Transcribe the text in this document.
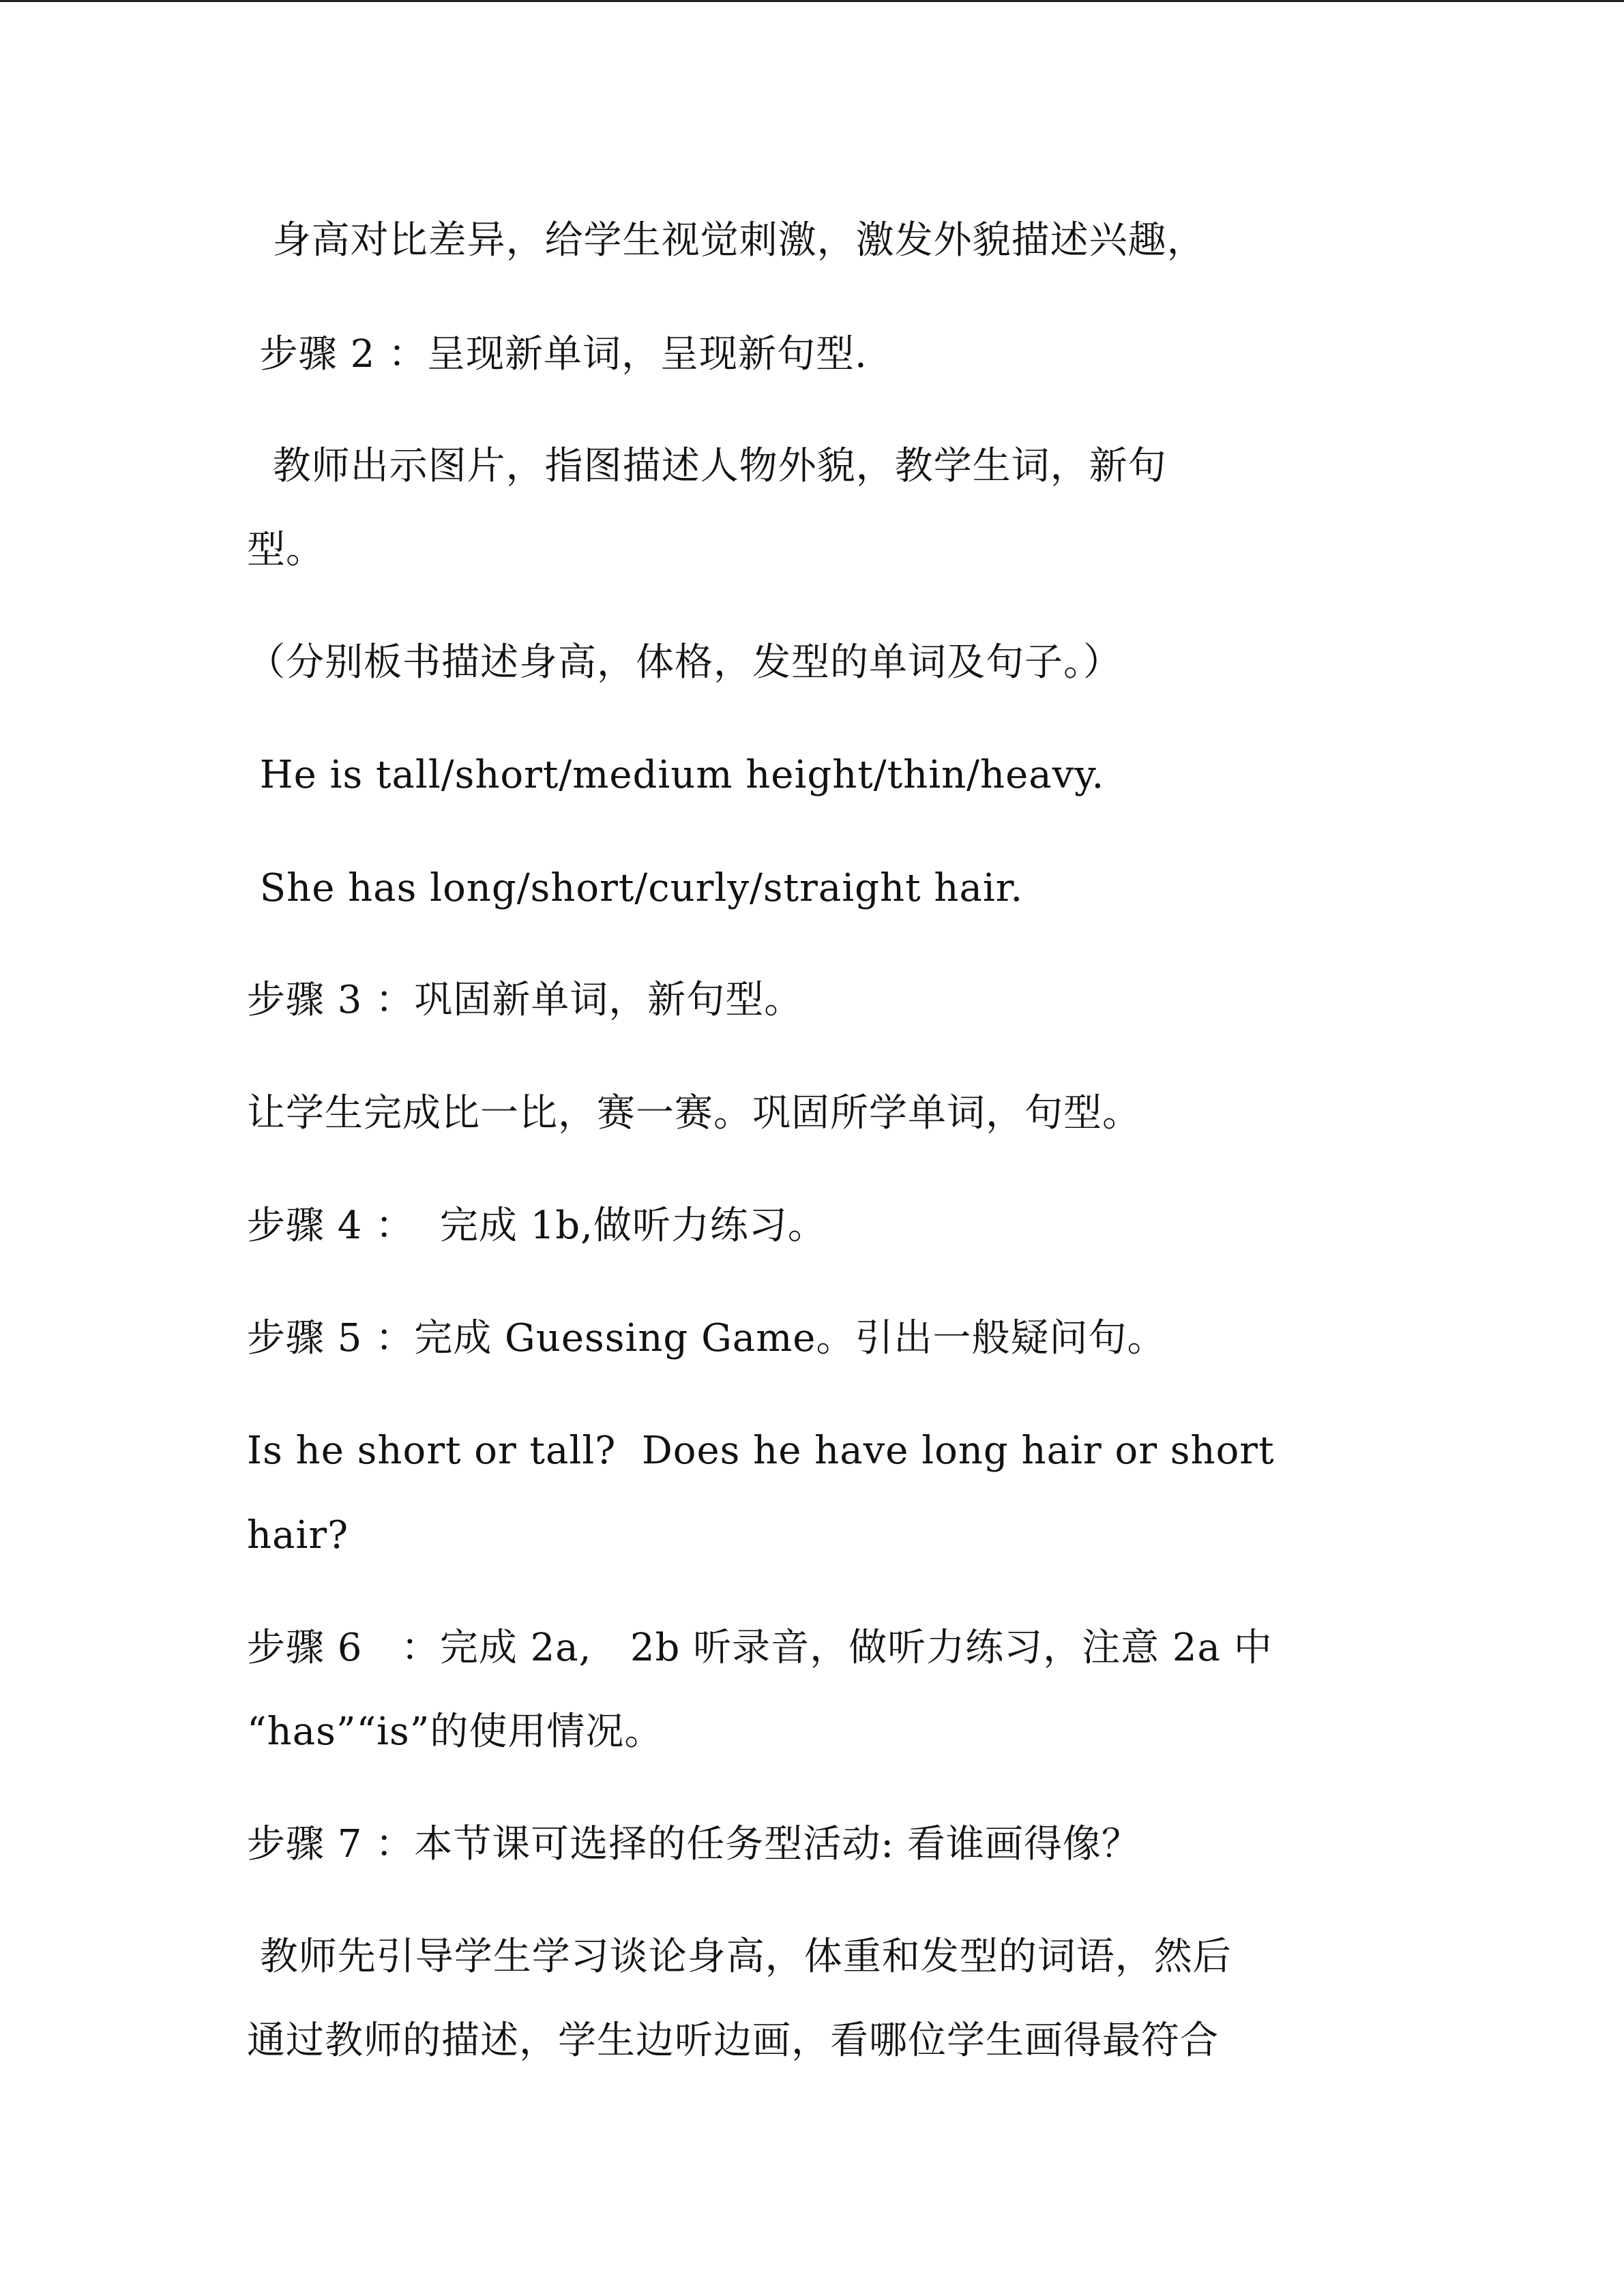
身高对比差异，给学生视觉刺激，激发外貌描述兴趣，
步骤 2 ：呈现新单词，呈现新句型.
教师出示图片，指图描述人物外貌，教学生词，新句
型。
（分别板书描述身高，体格，发型的单词及句子。）
He is tall/short/medium height/thin/heavy.
She has long/short/curly/straight hair.
步骤 3 ：巩固新单词，新句型。
让学生完成比一比，赛一赛。巩固所学单词，句型。
步骤 4 ：  完成 1b,做听力练习。
步骤 5 ：完成 Guessing Game。引出一般疑问句。
Is he short or tall?  Does he have long hair or short
hair?
步骤 6   ：完成 2a,   2b 听录音，做听力练习，注意 2a 中
“has”“is”的使用情况。
步骤 7 ：本节课可选择的任务型活动: 看谁画得像？
教师先引导学生学习谈论身高，体重和发型的词语，然后
通过教师的描述，学生边听边画，看哪位学生画得最符合
